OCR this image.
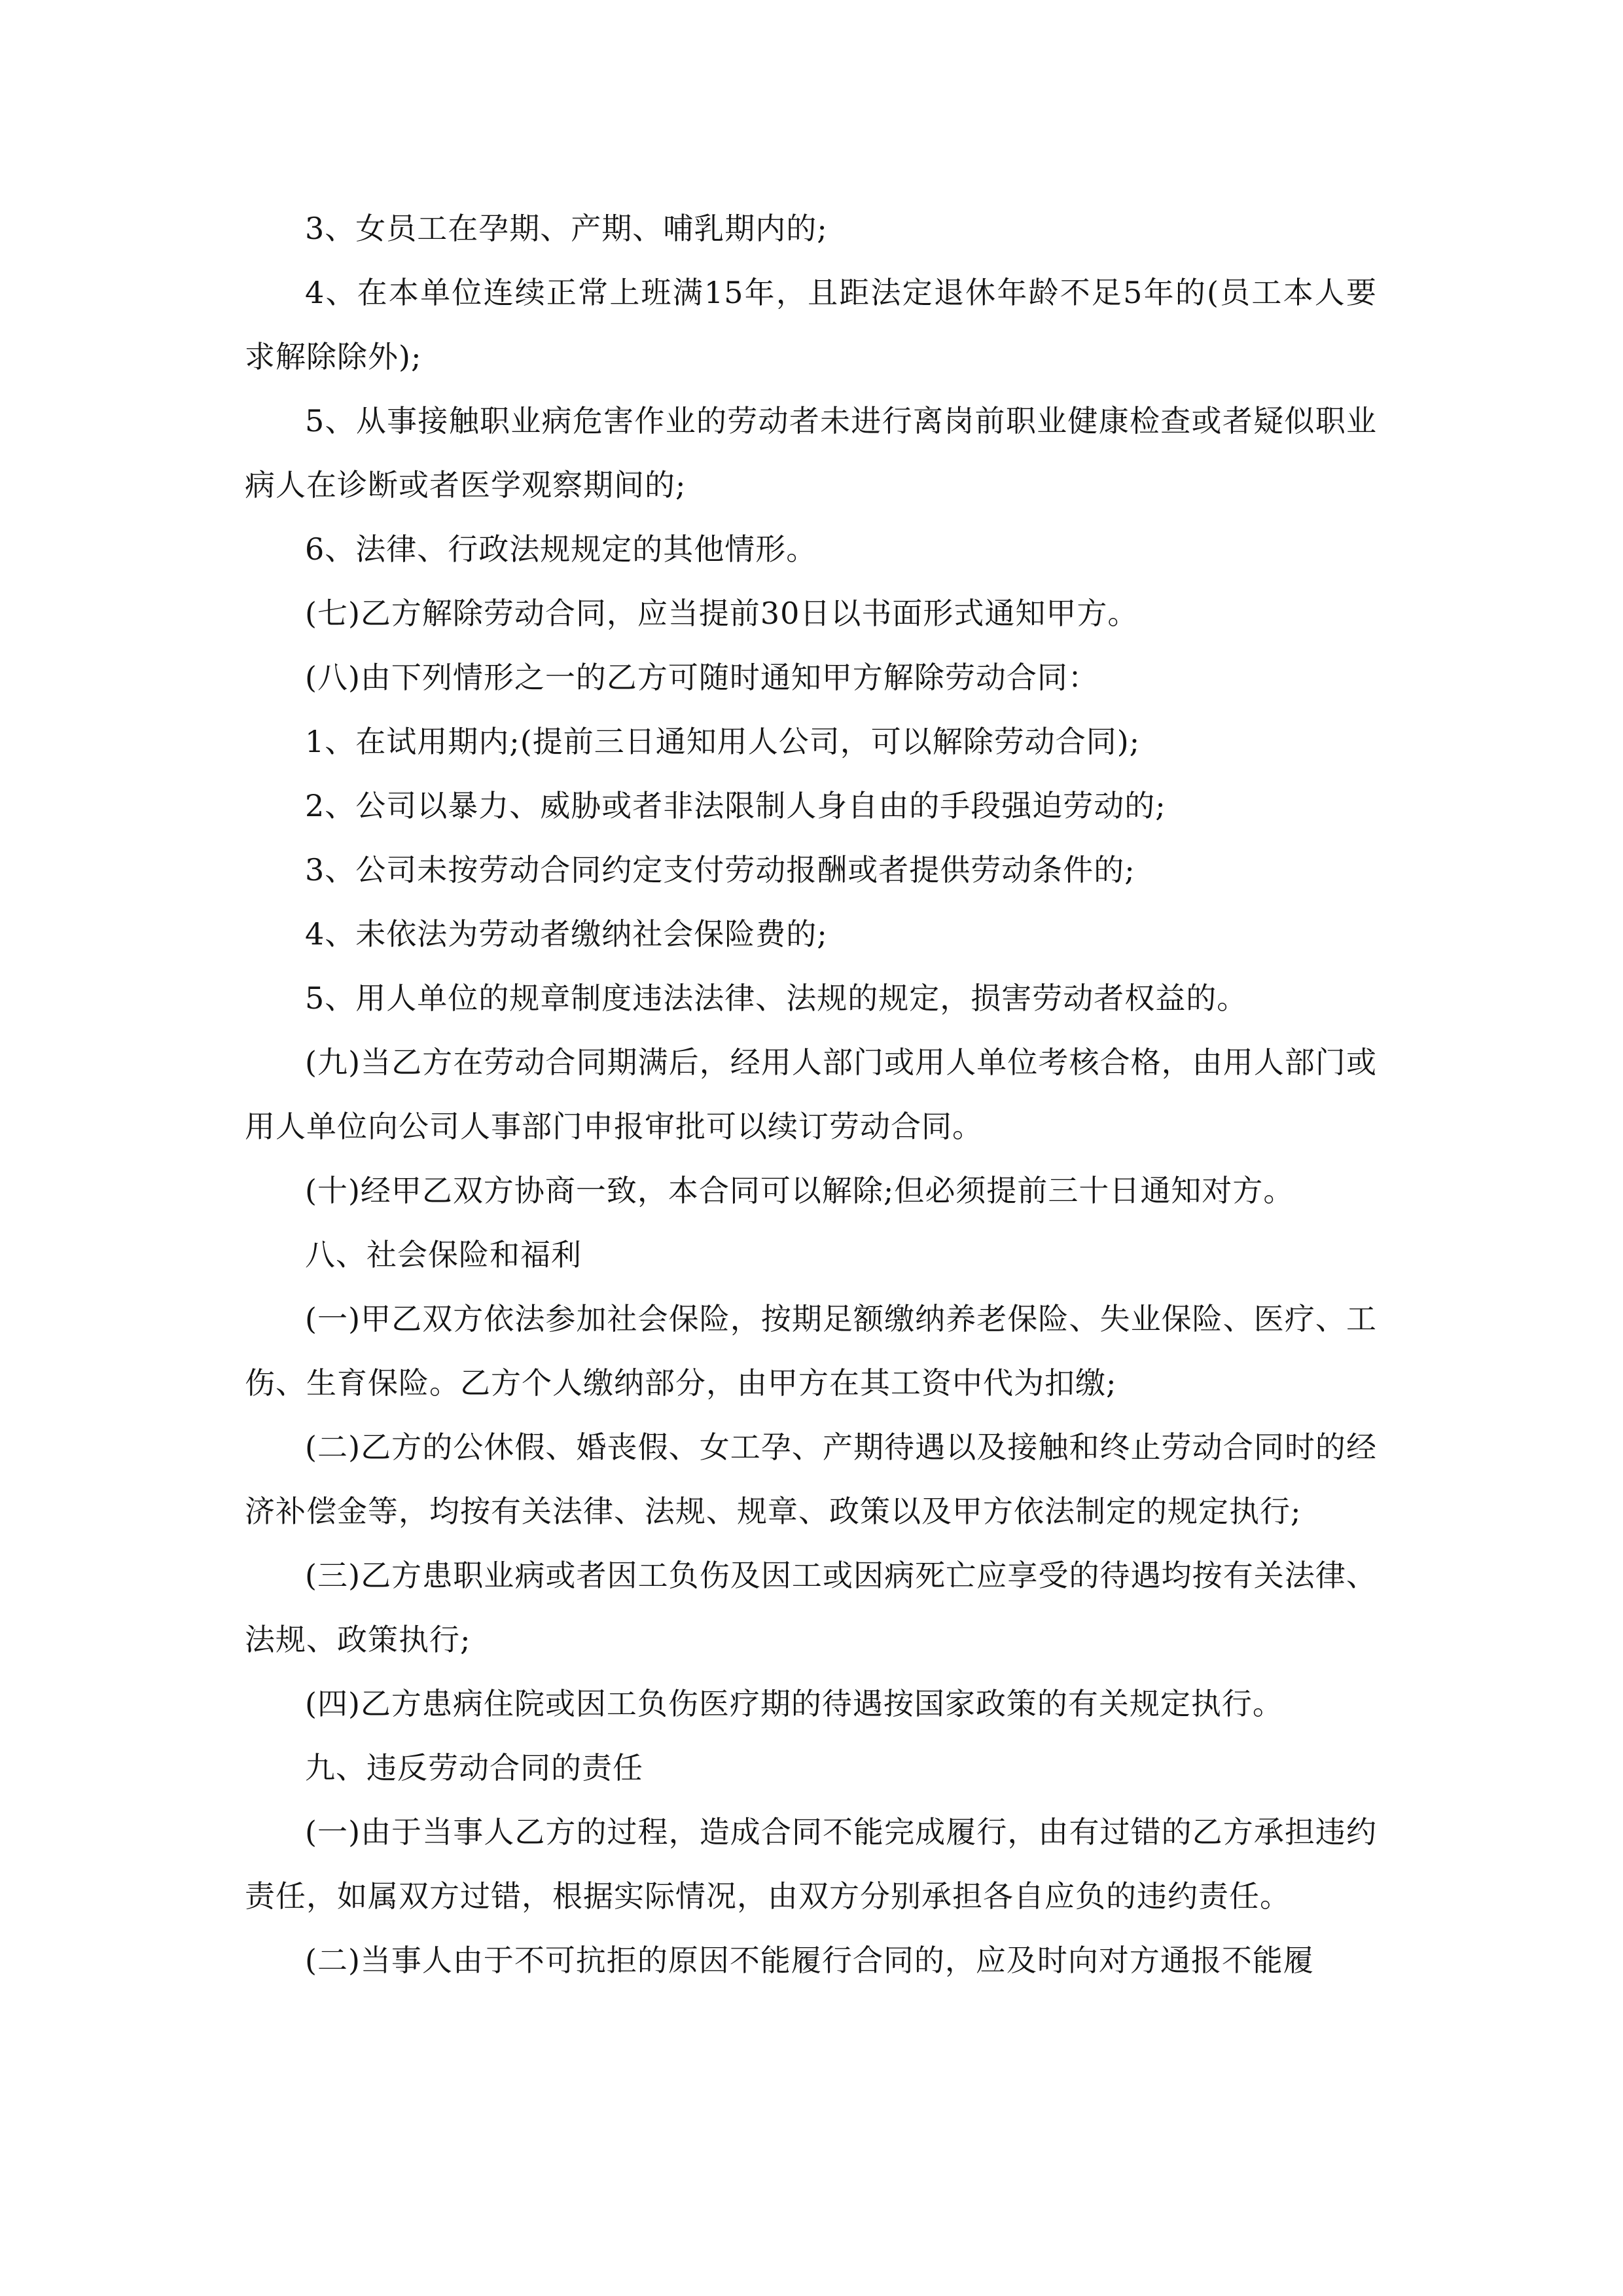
3、女员工在孕期、产期、哺乳期内的;

4、在本单位连续正常上班满15年，且距法定退休年龄不足5年的(员工本人要求解除除外);

5、从事接触职业病危害作业的劳动者未进行离岗前职业健康检查或者疑似职业病人在诊断或者医学观察期间的;

6、法律、行政法规规定的其他情形。

(七)乙方解除劳动合同，应当提前30日以书面形式通知甲方。

(八)由下列情形之一的乙方可随时通知甲方解除劳动合同：

1、在试用期内;(提前三日通知用人公司，可以解除劳动合同);

2、公司以暴力、威胁或者非法限制人身自由的手段强迫劳动的;

3、公司未按劳动合同约定支付劳动报酬或者提供劳动条件的;

4、未依法为劳动者缴纳社会保险费的;

5、用人单位的规章制度违法法律、法规的规定，损害劳动者权益的。

(九)当乙方在劳动合同期满后，经用人部门或用人单位考核合格，由用人部门或用人单位向公司人事部门申报审批可以续订劳动合同。

(十)经甲乙双方协商一致，本合同可以解除;但必须提前三十日通知对方。

八、社会保险和福利

(一)甲乙双方依法参加社会保险，按期足额缴纳养老保险、失业保险、医疗、工伤、生育保险。乙方个人缴纳部分，由甲方在其工资中代为扣缴;

(二)乙方的公休假、婚丧假、女工孕、产期待遇以及接触和终止劳动合同时的经济补偿金等，均按有关法律、法规、规章、政策以及甲方依法制定的规定执行;

(三)乙方患职业病或者因工负伤及因工或因病死亡应享受的待遇均按有关法律、法规、政策执行;

(四)乙方患病住院或因工负伤医疗期的待遇按国家政策的有关规定执行。

九、违反劳动合同的责任

(一)由于当事人乙方的过程，造成合同不能完成履行，由有过错的乙方承担违约责任，如属双方过错，根据实际情况，由双方分别承担各自应负的违约责任。

(二)当事人由于不可抗拒的原因不能履行合同的，应及时向对方通报不能履
